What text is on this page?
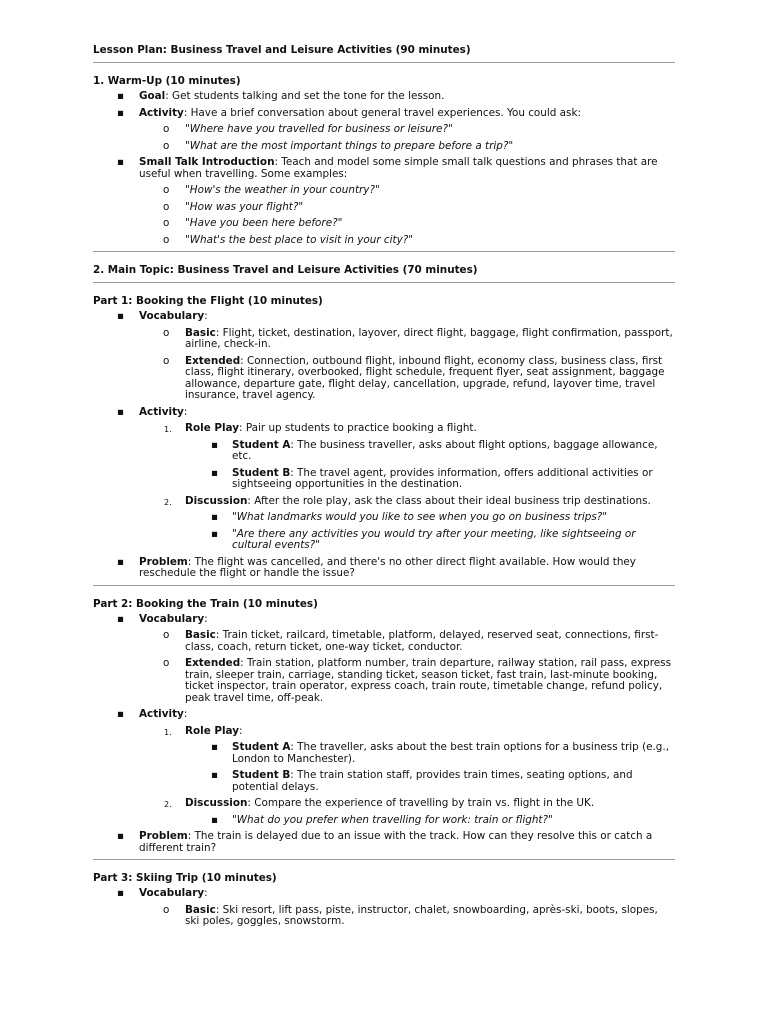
Lesson Plan: Business Travel and Leisure Activities (90 minutes)
1. Warm-Up (10 minutes)
▪ Goal: Get students talking and set the tone for the lesson.
▪ Activity: Have a brief conversation about general travel experiences. You could ask:
o "Where have you travelled for business or leisure?"
o "What are the most important things to prepare before a trip?"
▪ Small Talk Introduction: Teach and model some simple small talk questions and phrases that are useful when travelling. Some examples:
o "How's the weather in your country?"
o "How was your flight?"
o "Have you been here before?"
o "What's the best place to visit in your city?"
2. Main Topic: Business Travel and Leisure Activities (70 minutes)
Part 1: Booking the Flight (10 minutes)
▪ Vocabulary:
o Basic: Flight, ticket, destination, layover, direct flight, baggage, flight confirmation, passport, airline, check-in.
o Extended: Connection, outbound flight, inbound flight, economy class, business class, first class, flight itinerary, overbooked, flight schedule, frequent flyer, seat assignment, baggage allowance, departure gate, flight delay, cancellation, upgrade, refund, layover time, travel insurance, travel agency.
▪ Activity:
1. Role Play: Pair up students to practice booking a flight.
▪ Student A: The business traveller, asks about flight options, baggage allowance, etc.
▪ Student B: The travel agent, provides information, offers additional activities or sightseeing opportunities in the destination.
2. Discussion: After the role play, ask the class about their ideal business trip destinations.
▪ "What landmarks would you like to see when you go on business trips?"
▪ "Are there any activities you would try after your meeting, like sightseeing or cultural events?"
▪ Problem: The flight was cancelled, and there's no other direct flight available. How would they reschedule the flight or handle the issue?
Part 2: Booking the Train (10 minutes)
▪ Vocabulary:
o Basic: Train ticket, railcard, timetable, platform, delayed, reserved seat, connections, first-class, coach, return ticket, one-way ticket, conductor.
o Extended: Train station, platform number, train departure, railway station, rail pass, express train, sleeper train, carriage, standing ticket, season ticket, fast train, last-minute booking, ticket inspector, train operator, express coach, train route, timetable change, refund policy, peak travel time, off-peak.
▪ Activity:
1. Role Play:
▪ Student A: The traveller, asks about the best train options for a business trip (e.g., London to Manchester).
▪ Student B: The train station staff, provides train times, seating options, and potential delays.
2. Discussion: Compare the experience of travelling by train vs. flight in the UK.
▪ "What do you prefer when travelling for work: train or flight?"
▪ Problem: The train is delayed due to an issue with the track. How can they resolve this or catch a different train?
Part 3: Skiing Trip (10 minutes)
▪ Vocabulary:
o Basic: Ski resort, lift pass, piste, instructor, chalet, snowboarding, après-ski, boots, slopes, ski poles, goggles, snowstorm.
